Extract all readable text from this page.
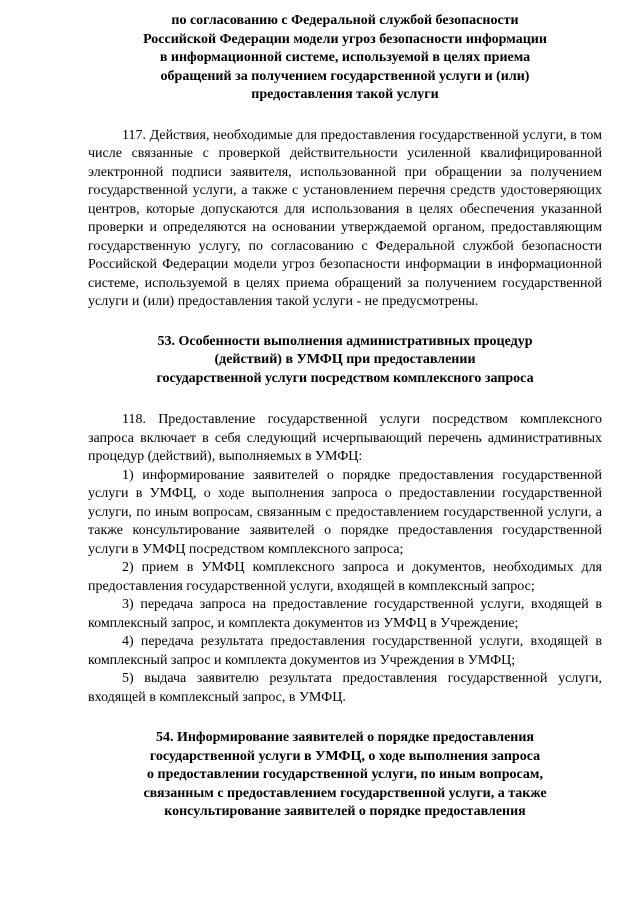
по согласованию с Федеральной службой безопасности
Российской Федерации модели угроз безопасности информации
в информационной системе, используемой в целях приема
обращений за получением государственной услуги и (или)
предоставления такой услуги

117. Действия, необходимые для предоставления государственной услуги, в том числе связанные с проверкой действительности усиленной квалифицированной электронной подписи заявителя, использованной при обращении за получением государственной услуги, а также с установлением перечня средств удостоверяющих центров, которые допускаются для использования в целях обеспечения указанной проверки и определяются на основании утверждаемой органом, предоставляющим государственную услугу, по согласованию с Федеральной службой безопасности Российской Федерации модели угроз безопасности информации в информационной системе, используемой в целях приема обращений за получением государственной услуги и (или) предоставления такой услуги - не предусмотрены.

53. Особенности выполнения административных процедур
(действий) в УМФЦ при предоставлении
государственной услуги посредством комплексного запроса

118. Предоставление государственной услуги посредством комплексного запроса включает в себя следующий исчерпывающий перечень административных процедур (действий), выполняемых в УМФЦ:

1) информирование заявителей о порядке предоставления государственной услуги в УМФЦ, о ходе выполнения запроса о предоставлении государственной услуги, по иным вопросам, связанным с предоставлением государственной услуги, а также консультирование заявителей о порядке предоставления государственной услуги в УМФЦ посредством комплексного запроса;

2) прием в УМФЦ комплексного запроса и документов, необходимых для предоставления государственной услуги, входящей в комплексный запрос;

3) передача запроса на предоставление государственной услуги, входящей в комплексный запрос, и комплекта документов из УМФЦ в Учреждение;

4) передача результата предоставления государственной услуги, входящей в комплексный запрос и комплекта документов из Учреждения в УМФЦ;

5) выдача заявителю результата предоставления государственной услуги, входящей в комплексный запрос, в УМФЦ.

54. Информирование заявителей о порядке предоставления
государственной услуги в УМФЦ, о ходе выполнения запроса
о предоставлении государственной услуги, по иным вопросам,
связанным с предоставлением государственной услуги, а также
консультирование заявителей о порядке предоставления
